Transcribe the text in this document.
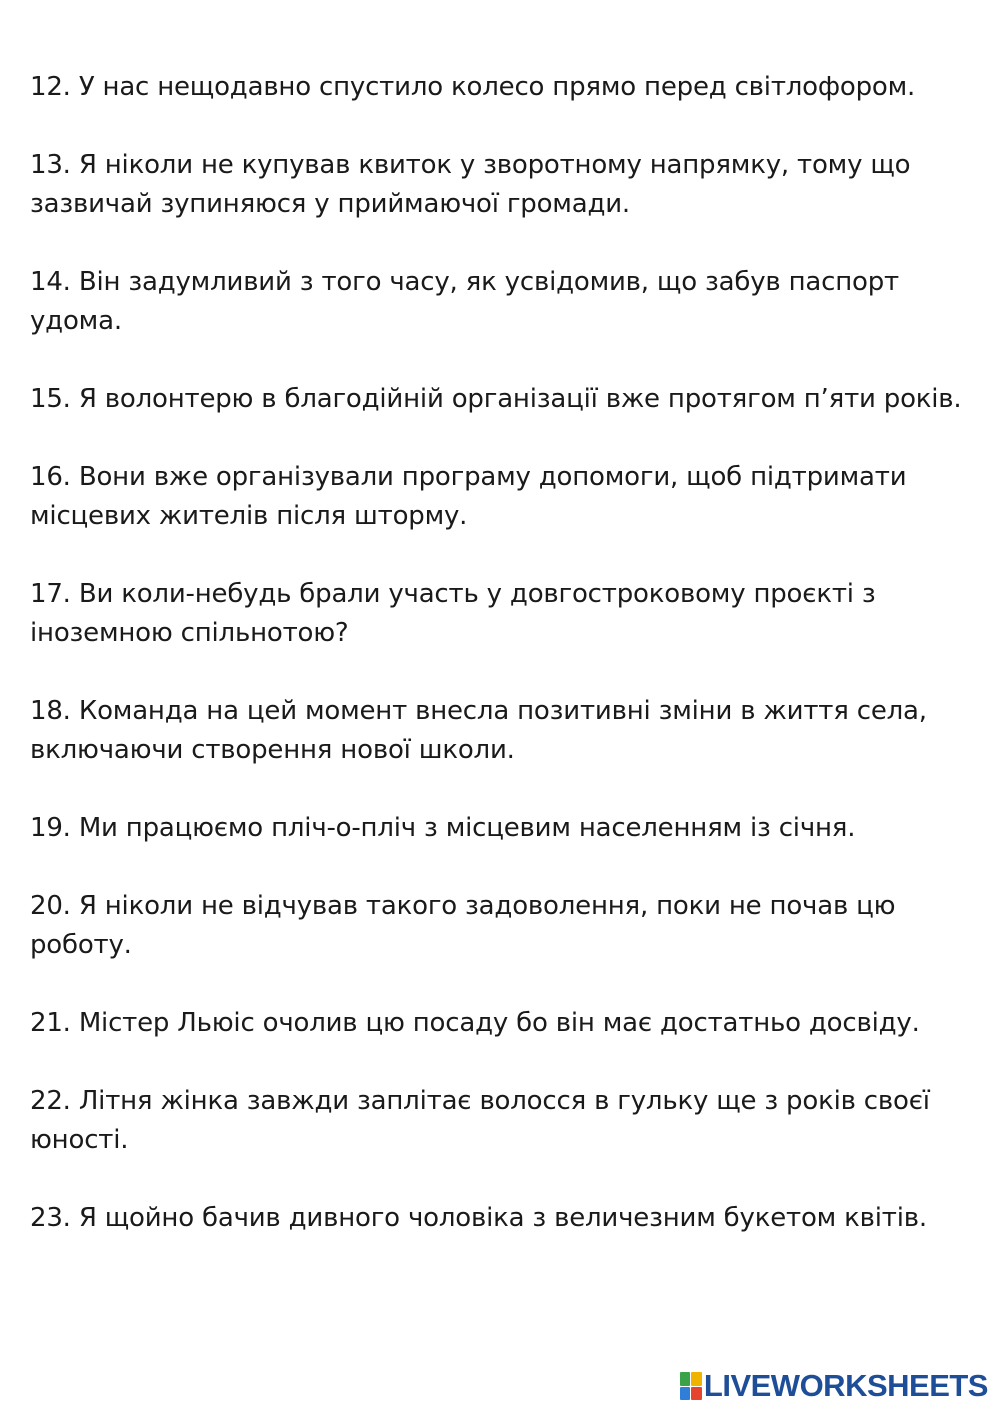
12. У нас нещодавно спустило колесо прямо перед світлофором.

13. Я ніколи не купував квиток у зворотному напрямку, тому що зазвичай зупиняюся у приймаючої громади.

14. Він задумливий з того часу, як усвідомив, що забув паспорт удома.

15. Я волонтерю в благодійній організації вже протягом п’яти років.

16. Вони вже організували програму допомоги, щоб підтримати місцевих жителів після шторму.

17. Ви коли-небудь брали участь у довгостроковому проєкті з іноземною спільнотою?

18. Команда на цей момент внесла позитивні зміни в життя села, включаючи створення нової школи.

19. Ми працюємо пліч-о-пліч з місцевим населенням із січня.

20. Я ніколи не відчував такого задоволення, поки не почав цю роботу.

21. Містер Льюіс очолив цю посаду бо він має достатньо досвіду.

22. Літня жінка завжди заплітає волосся в гульку ще з років своєї юності.

23. Я щойно бачив дивного чоловіка з величезним букетом квітів.

LIVEWORKSHEETS
